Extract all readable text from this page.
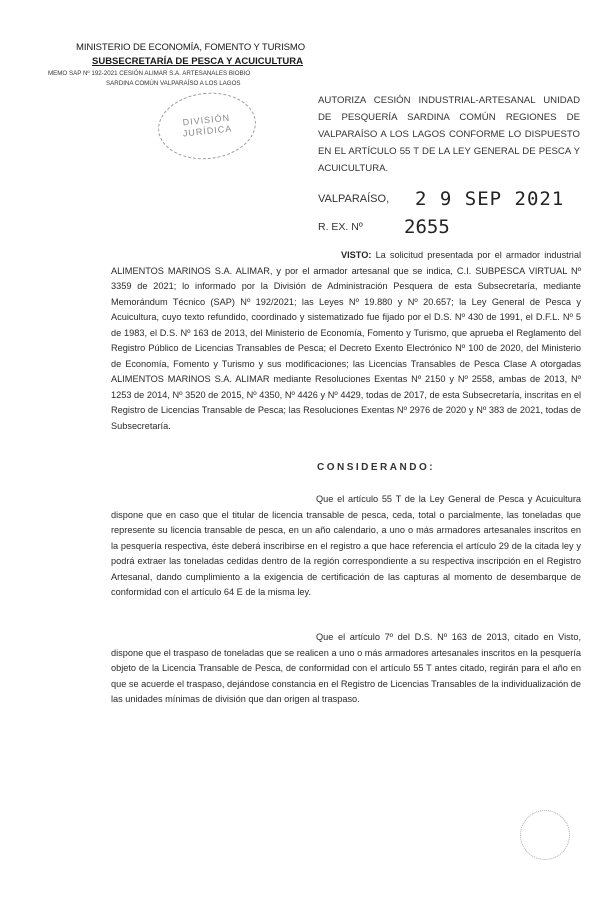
MINISTERIO DE ECONOMÍA, FOMENTO Y TURISMO
SUBSECRETARÍA DE PESCA Y ACUICULTURA
MEMO SAP Nº 192-2021 CESIÓN ALIMAR S.A. ARTESANALES BIOBIO
SARDINA COMÚN VALPARAÍSO A LOS LAGOS
DIVISIÓN
JURÍDICA
AUTORIZA CESIÓN INDUSTRIAL-ARTESANAL UNIDAD DE PESQUERÍA SARDINA COMÚN REGIONES DE VALPARAÍSO A LOS LAGOS CONFORME LO DISPUESTO EN EL ARTÍCULO 55 T DE LA LEY GENERAL DE PESCA Y ACUICULTURA.
VALPARAÍSO, 2 9 SEP 2021
R. EX. Nº 2655
VISTO: La solicitud presentada por el armador industrial ALIMENTOS MARINOS S.A. ALIMAR, y por el armador artesanal que se indica, C.I. SUBPESCA VIRTUAL Nº 3359 de 2021; lo informado por la División de Administración Pesquera de esta Subsecretaría, mediante Memorándum Técnico (SAP) Nº 192/2021; las Leyes Nº 19.880 y Nº 20.657; la Ley General de Pesca y Acuicultura, cuyo texto refundido, coordinado y sistematizado fue fijado por el D.S. Nº 430 de 1991, el D.F.L. Nº 5 de 1983, el D.S. Nº 163 de 2013, del Ministerio de Economía, Fomento y Turismo, que aprueba el Reglamento del Registro Público de Licencias Transables de Pesca; el Decreto Exento Electrónico Nº 100 de 2020, del Ministerio de Economía, Fomento y Turismo y sus modificaciones; las Licencias Transables de Pesca Clase A otorgadas ALIMENTOS MARINOS S.A. ALIMAR mediante Resoluciones Exentas Nº 2150 y Nº 2558, ambas de 2013, Nº 1253 de 2014, Nº 3520 de 2015, Nº 4350, Nº 4426 y Nº 4429, todas de 2017, de esta Subsecretaría, inscritas en el Registro de Licencias Transable de Pesca; las Resoluciones Exentas Nº 2976 de 2020 y Nº 383 de 2021, todas de Subsecretaría.
CONSIDERANDO:
Que el artículo 55 T de la Ley General de Pesca y Acuicultura dispone que en caso que el titular de licencia transable de pesca, ceda, total o parcialmente, las toneladas que represente su licencia transable de pesca, en un año calendario, a uno o más armadores artesanales inscritos en la pesquería respectiva, éste deberá inscribirse en el registro a que hace referencia el artículo 29 de la citada ley y podrá extraer las toneladas cedidas dentro de la región correspondiente a su respectiva inscripción en el Registro Artesanal, dando cumplimiento a la exigencia de certificación de las capturas al momento de desembarque de conformidad con el artículo 64 E de la misma ley.
Que el artículo 7º del D.S. Nº 163 de 2013, citado en Visto, dispone que el traspaso de toneladas que se realicen a uno o más armadores artesanales inscritos en la pesquería objeto de la Licencia Transable de Pesca, de conformidad con el artículo 55 T antes citado, regirán para el año en que se acuerde el traspaso, dejándose constancia en el Registro de Licencias Transables de la individualización de las unidades mínimas de división que dan origen al traspaso.
